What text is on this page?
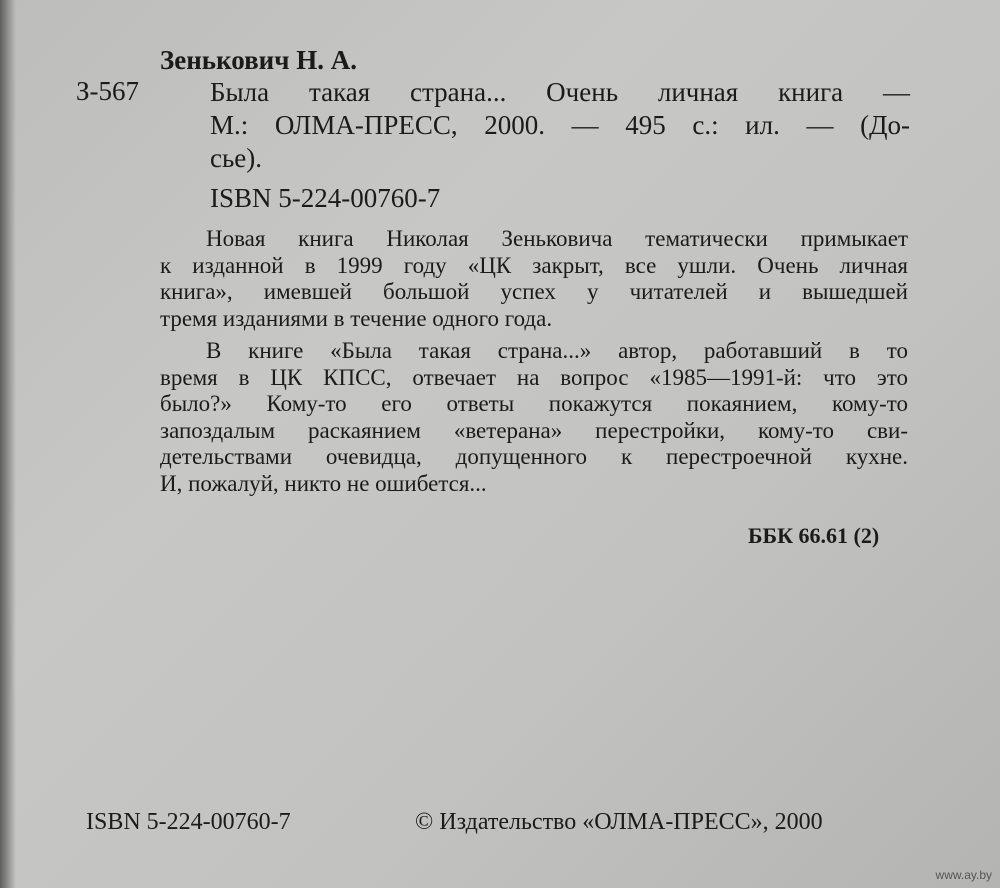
Зенькович Н. А.
З-567	Была такая страна... Очень личная книга —
М.: ОЛМА-ПРЕСС, 2000. — 495 с.: ил. — (До-
сье).
ISBN 5-224-00760-7
Новая книга Николая Зеньковича тематически примыкает
к изданной в 1999 году «ЦК закрыт, все ушли. Очень личная
книга», имевшей большой успех у читателей и вышедшей
тремя изданиями в течение одного года.
В книге «Была такая страна...» автор, работавший в то
время в ЦК КПСС, отвечает на вопрос «1985—1991-й: что это
было?» Кому-то его ответы покажутся покаянием, кому-то
запоздалым раскаянием «ветерана» перестройки, кому-то сви-
детельствами очевидца, допущенного к перестроечной кухне.
И, пожалуй, никто не ошибется...
ББК 66.61 (2)
ISBN 5-224-00760-7	© Издательство «ОЛМА-ПРЕСС», 2000
www.ay.by
